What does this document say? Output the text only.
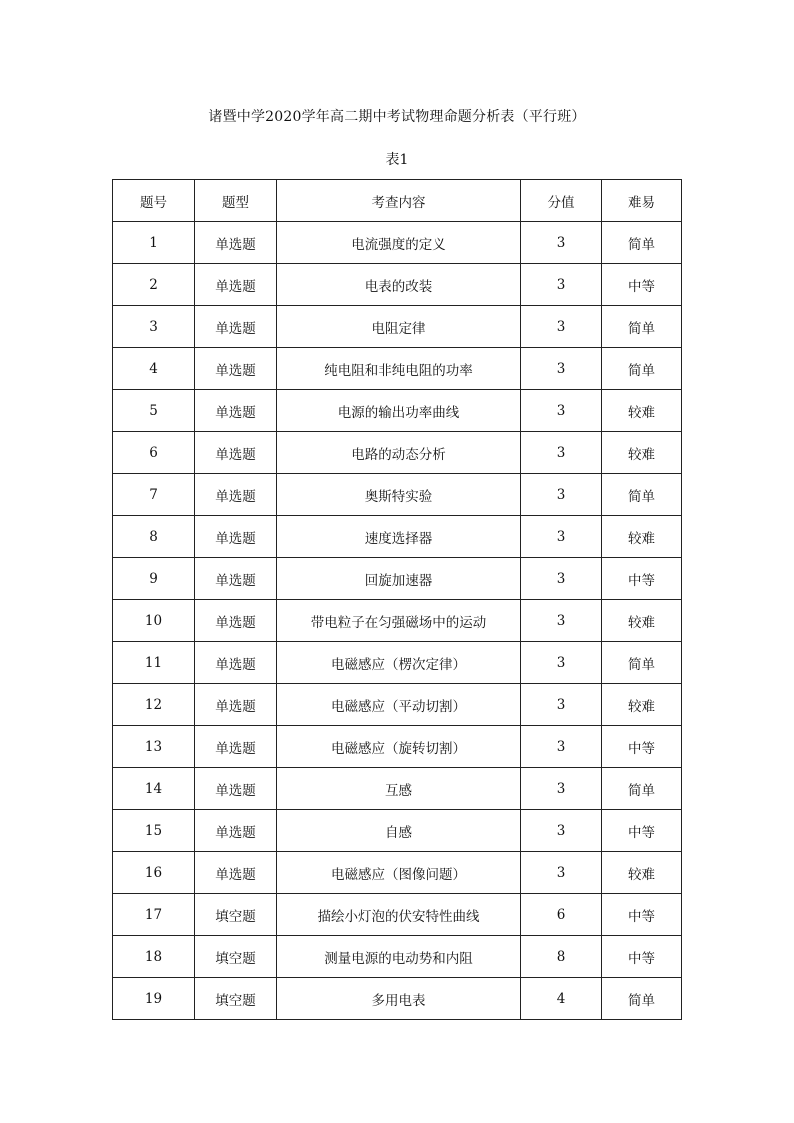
诸暨中学2020学年高二期中考试物理命题分析表（平行班）
表1
题号	题型	考查内容	分值	难易
1	单选题	电流强度的定义	3	简单
2	单选题	电表的改装	3	中等
3	单选题	电阻定律	3	简单
4	单选题	纯电阻和非纯电阻的功率	3	简单
5	单选题	电源的输出功率曲线	3	较难
6	单选题	电路的动态分析	3	较难
7	单选题	奥斯特实验	3	简单
8	单选题	速度选择器	3	较难
9	单选题	回旋加速器	3	中等
10	单选题	带电粒子在匀强磁场中的运动	3	较难
11	单选题	电磁感应（楞次定律）	3	简单
12	单选题	电磁感应（平动切割）	3	较难
13	单选题	电磁感应（旋转切割）	3	中等
14	单选题	互感	3	简单
15	单选题	自感	3	中等
16	单选题	电磁感应（图像问题）	3	较难
17	填空题	描绘小灯泡的伏安特性曲线	6	中等
18	填空题	测量电源的电动势和内阻	8	中等
19	填空题	多用电表	4	简单
